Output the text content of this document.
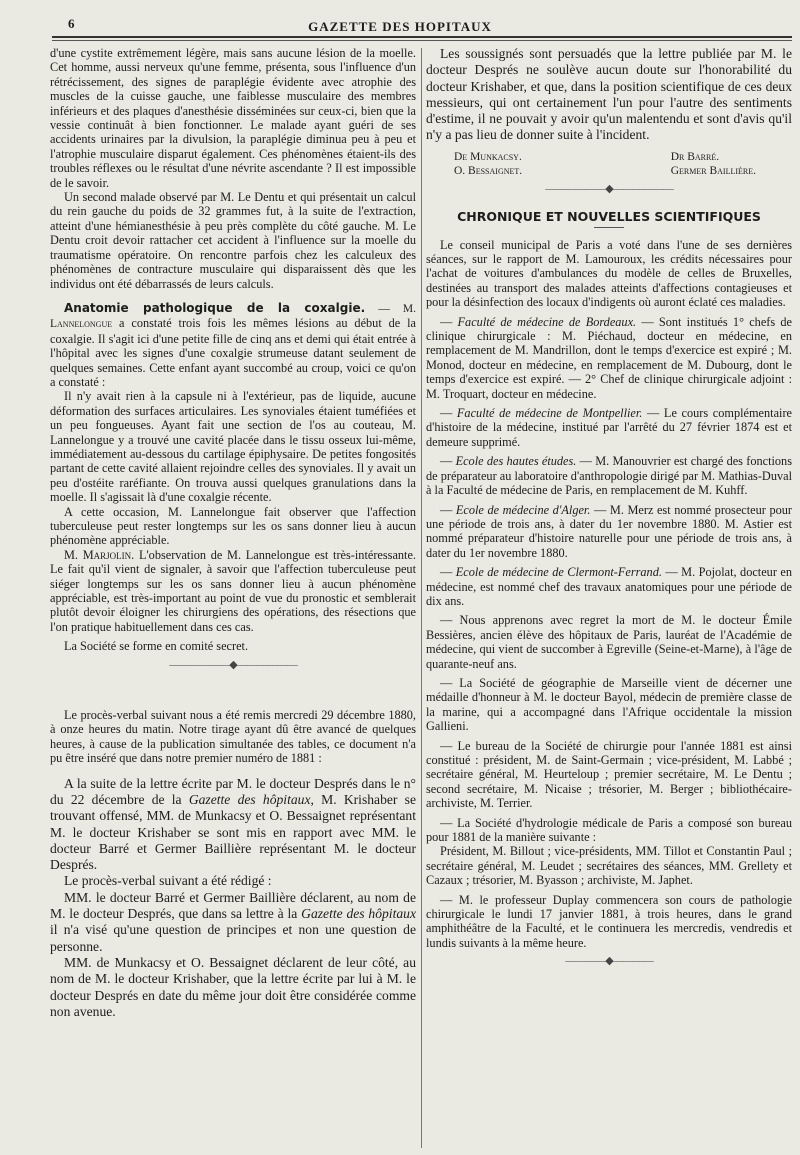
6	GAZETTE DES HOPITAUX

d'une cystite extrêmement légère, mais sans aucune lésion de la moelle. Cet homme, aussi nerveux qu'une femme, présenta, sous l'influence d'un rétrécissement, des signes de paraplégie évidente avec atrophie des muscles de la cuisse gauche, une faiblesse musculaire des membres inférieurs et des plaques d'anesthésie disséminées sur ceux-ci, bien que la vessie continuât à bien fonctionner. Le malade ayant guéri de ses accidents urinaires par la divulsion, la paraplégie diminua peu à peu et l'atrophie musculaire disparut également. Ces phénomènes étaient-ils des troubles réflexes ou le résultat d'une névrite ascendante ? Il est impossible de le savoir.

Un second malade observé par M. Le Dentu et qui présentait un calcul du rein gauche du poids de 32 grammes fut, à la suite de l'extraction, atteint d'une hémianesthésie à peu près complète du côté gauche. M. Le Dentu croit devoir rattacher cet accident à l'influence sur la moelle du traumatisme opératoire. On rencontre parfois chez les calculeux des phénomènes de contracture musculaire qui disparaissent dès que les individus ont été débarrassés de leurs calculs.

Anatomie pathologique de la coxalgie. — M. Lannelongue a constaté trois fois les mêmes lésions au début de la coxalgie. Il s'agit ici d'une petite fille de cinq ans et demi qui était entrée à l'hôpital avec les signes d'une coxalgie strumeuse datant seulement de quelques semaines. Cette enfant ayant succombé au croup, voici ce qu'on a constaté :

Il n'y avait rien à la capsule ni à l'extérieur, pas de liquide, aucune déformation des surfaces articulaires. Les synoviales étaient tuméfiées et un peu fongueuses. Ayant fait une section de l'os au couteau, M. Lannelongue y a trouvé une cavité placée dans le tissu osseux lui-même, immédiatement au-dessous du cartilage épiphysaire. De petites fongosités partant de cette cavité allaient rejoindre celles des synoviales. Il y avait un peu d'ostéite raréfiante. On trouva aussi quelques granulations dans la moelle. Il s'agissait là d'une coxalgie récente.

A cette occasion, M. Lannelongue fait observer que l'affection tuberculeuse peut rester longtemps sur les os sans donner lieu à aucun phénomène appréciable.

M. Marjolin. L'observation de M. Lannelongue est très-intéressante. Le fait qu'il vient de signaler, à savoir que l'affection tuberculeuse peut siéger longtemps sur les os sans donner lieu à aucun phénomène appréciable, est très-important au point de vue du pronostic et semblerait plutôt devoir éloigner les chirurgiens des opérations, des résections que l'on pratique habituellement dans ces cas.

La Société se forme en comité secret.

——————◆——————

Le procès-verbal suivant nous a été remis mercredi 29 décembre 1880, à onze heures du matin. Notre tirage ayant dû être avancé de quelques heures, à cause de la publication simultanée des tables, ce document n'a pu être inséré que dans notre premier numéro de 1881 :

A la suite de la lettre écrite par M. le docteur Després dans le n° du 22 décembre de la Gazette des hôpitaux, M. Krishaber se trouvant offensé, MM. de Munkacsy et O. Bessaignet représentant M. le docteur Krishaber se sont mis en rapport avec MM. le docteur Barré et Germer Baillière représentant M. le docteur Després.

Le procès-verbal suivant a été rédigé :

MM. le docteur Barré et Germer Baillière déclarent, au nom de M. le docteur Després, que dans sa lettre à la Gazette des hôpitaux il n'a visé qu'une question de principes et non une question de personne.

MM. de Munkacsy et O. Bessaignet déclarent de leur côté, au nom de M. le docteur Krishaber, que la lettre écrite par lui à M. le docteur Després en date du même jour doit être considérée comme non avenue.

Les soussignés sont persuadés que la lettre publiée par M. le docteur Després ne soulève aucun doute sur l'honorabilité du docteur Krishaber, et que, dans la position scientifique de ces deux messieurs, qui ont certainement l'un pour l'autre des sentiments d'estime, il ne pouvait y avoir qu'un malentendu et sont d'avis qu'il n'y a pas lieu de donner suite à l'incident.

De Munkacsy.
O. Bessaignet.
Dr Barré.
Germer Baillière.
——————◆——————
CHRONIQUE ET NOUVELLES SCIENTIFIQUES

Le conseil municipal de Paris a voté dans l'une de ses dernières séances, sur le rapport de M. Lamouroux, les crédits nécessaires pour l'achat de voitures d'ambulances du modèle de celles de Bruxelles, destinées au transport des malades atteints d'affections contagieuses et pour la désinfection des locaux d'indigents où auront éclaté ces maladies.

— Faculté de médecine de Bordeaux. — Sont institués 1° chefs de clinique chirurgicale : M. Piéchaud, docteur en médecine, en remplacement de M. Mandrillon, dont le temps d'exercice est expiré ; M. Monod, docteur en médecine, en remplacement de M. Dubourg, dont le temps d'exercice est expiré. — 2° Chef de clinique chirurgicale adjoint : M. Troquart, docteur en médecine.

— Faculté de médecine de Montpellier. — Le cours complémentaire d'histoire de la médecine, institué par l'arrêté du 27 février 1874 est et demeure supprimé.

— Ecole des hautes études. — M. Manouvrier est chargé des fonctions de préparateur au laboratoire d'anthropologie dirigé par M. Mathias-Duval à la Faculté de médecine de Paris, en remplacement de M. Kuhff.

— Ecole de médecine d'Alger. — M. Merz est nommé prosecteur pour une période de trois ans, à dater du 1er novembre 1880. M. Astier est nommé préparateur d'histoire naturelle pour une période de trois ans, à dater du 1er novembre 1880.

— Ecole de médecine de Clermont-Ferrand. — M. Pojolat, docteur en médecine, est nommé chef des travaux anatomiques pour une période de dix ans.

— Nous apprenons avec regret la mort de M. le docteur Émile Bessières, ancien élève des hôpitaux de Paris, lauréat de l'Académie de médecine, qui vient de succomber à Egreville (Seine-et-Marne), à l'âge de quarante-neuf ans.

— La Société de géographie de Marseille vient de décerner une médaille d'honneur à M. le docteur Bayol, médecin de première classe de la marine, qui a accompagné dans l'Afrique occidentale la mission Gallieni.

— Le bureau de la Société de chirurgie pour l'année 1881 est ainsi constitué : président, M. de Saint-Germain ; vice-président, M. Labbé ; secrétaire général, M. Heurteloup ; premier secrétaire, M. Le Dentu ; second secrétaire, M. Nicaise ; trésorier, M. Berger ; bibliothécaire-archiviste, M. Terrier.

— La Société d'hydrologie médicale de Paris a composé son bureau pour 1881 de la manière suivante :

Président, M. Billout ; vice-présidents, MM. Tillot et Constantin Paul ; secrétaire général, M. Leudet ; secrétaires des séances, MM. Grellety et Cazaux ; trésorier, M. Byasson ; archiviste, M. Japhet.

— M. le professeur Duplay commencera son cours de pathologie chirurgicale le lundi 17 janvier 1881, à trois heures, dans le grand amphithéâtre de la Faculté, et le continuera les mercredis, vendredis et lundis suivants à la même heure.

————◆————
